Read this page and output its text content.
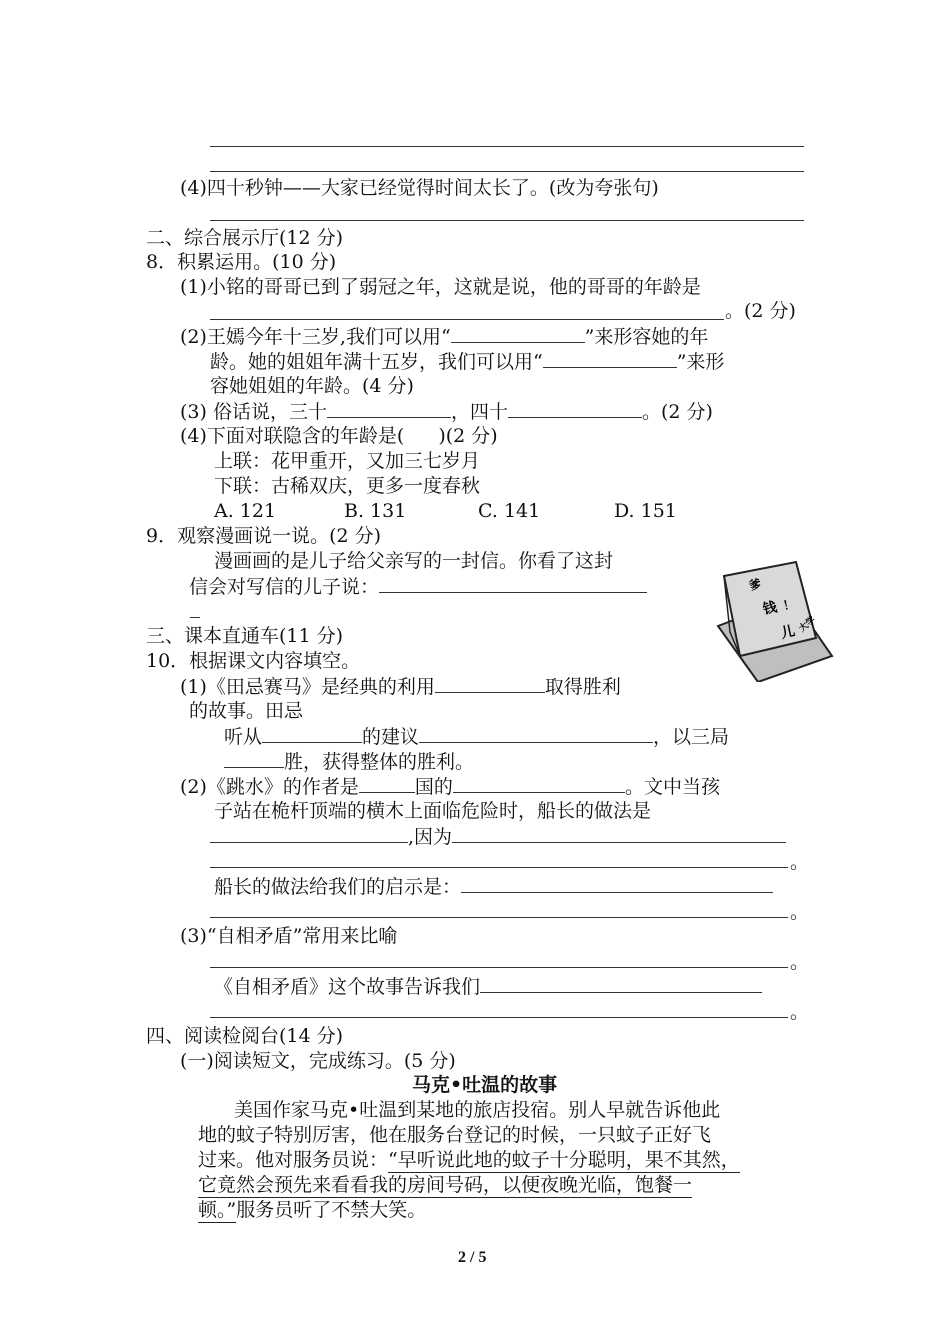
(4)四十秒钟——大家已经觉得时间太长了。(改为夸张句)
二、综合展示厅(12 分)
8．积累运用。(10 分)
(1)小铭的哥哥已到了弱冠之年，这就是说，他的哥哥的年龄是
。(2 分)
(2)王嫣今年十三岁,我们可以用“	”来形容她的年
龄。她的姐姐年满十五岁，我们可以用“	”来形
容她姐姐的年龄。(4 分)
(3) 俗话说，三十	，四十	。(2 分)
(4)下面对联隐含的年龄是( )(2 分)
上联：花甲重开，又加三七岁月
下联：古稀双庆，更多一度春秋
A. 121	B. 131	C. 141	D. 151
9．观察漫画说一说。(2 分)
漫画画的是儿子给父亲写的一封信。你看了这封
信会对写信的儿子说：	爹
钱 ！
儿 大学
三、课本直通车(11 分)
10．根据课文内容填空。
(1)《田忌赛马》是经典的利用	取得胜利
的故事。田忌
听从	的建议	，以三局
胜，获得整体的胜利。
(2)《跳水》的作者是	国的	。文中当孩
子站在桅杆顶端的横木上面临危险时，船长的做法是
,因为
。
船长的做法给我们的启示是：
。
(3)“自相矛盾”常用来比喻
。
《自相矛盾》这个故事告诉我们
。
四、阅读检阅台(14 分)
(一)阅读短文，完成练习。(5 分)
马克•吐温的故事
美国作家马克•吐温到某地的旅店投宿。别人早就告诉他此
地的蚊子特别厉害，他在服务台登记的时候，一只蚊子正好飞
过来。他对服务员说：“早听说此地的蚊子十分聪明，果不其然，
它竟然会预先来看看我的房间号码，以便夜晚光临，饱餐一
顿。”服务员听了不禁大笑。
2 / 5
